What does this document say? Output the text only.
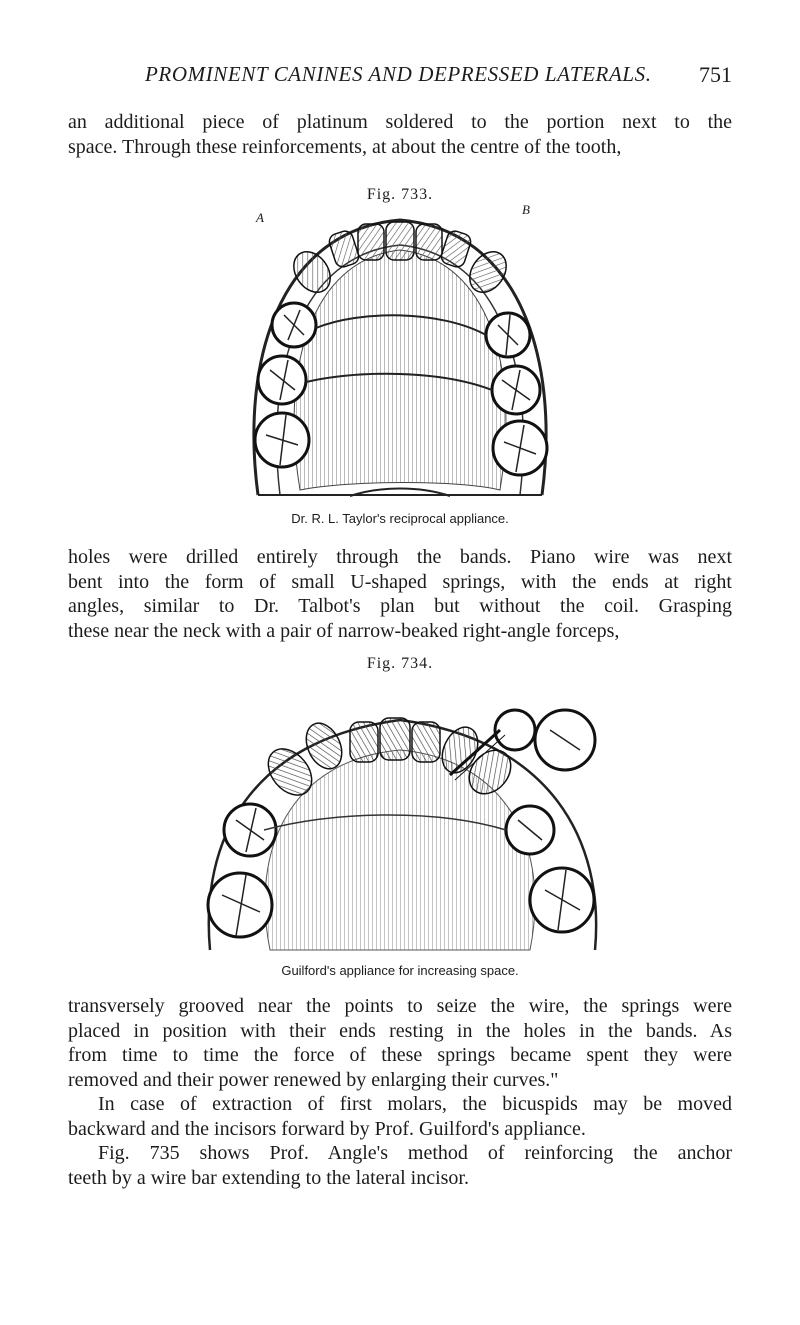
PROMINENT CANINES AND DEPRESSED LATERALS. 751
an additional piece of platinum soldered to the portion next to the
space. Through these reinforcements, at about the centre of the tooth,
Fig. 733.
A
B
Dr. R. L. Taylor's reciprocal appliance.
holes were drilled entirely through the bands. Piano wire was next
bent into the form of small U-shaped springs, with the ends at right
angles, similar to Dr. Talbot's plan but without the coil. Grasping
these near the neck with a pair of narrow-beaked right-angle forceps,
Fig. 734.
Guilford's appliance for increasing space.
transversely grooved near the points to seize the wire, the springs were
placed in position with their ends resting in the holes in the bands. As
from time to time the force of these springs became spent they were
removed and their power renewed by enlarging their curves."
In case of extraction of first molars, the bicuspids may be moved
backward and the incisors forward by Prof. Guilford's appliance.
Fig. 735 shows Prof. Angle's method of reinforcing the anchor
teeth by a wire bar extending to the lateral incisor.
